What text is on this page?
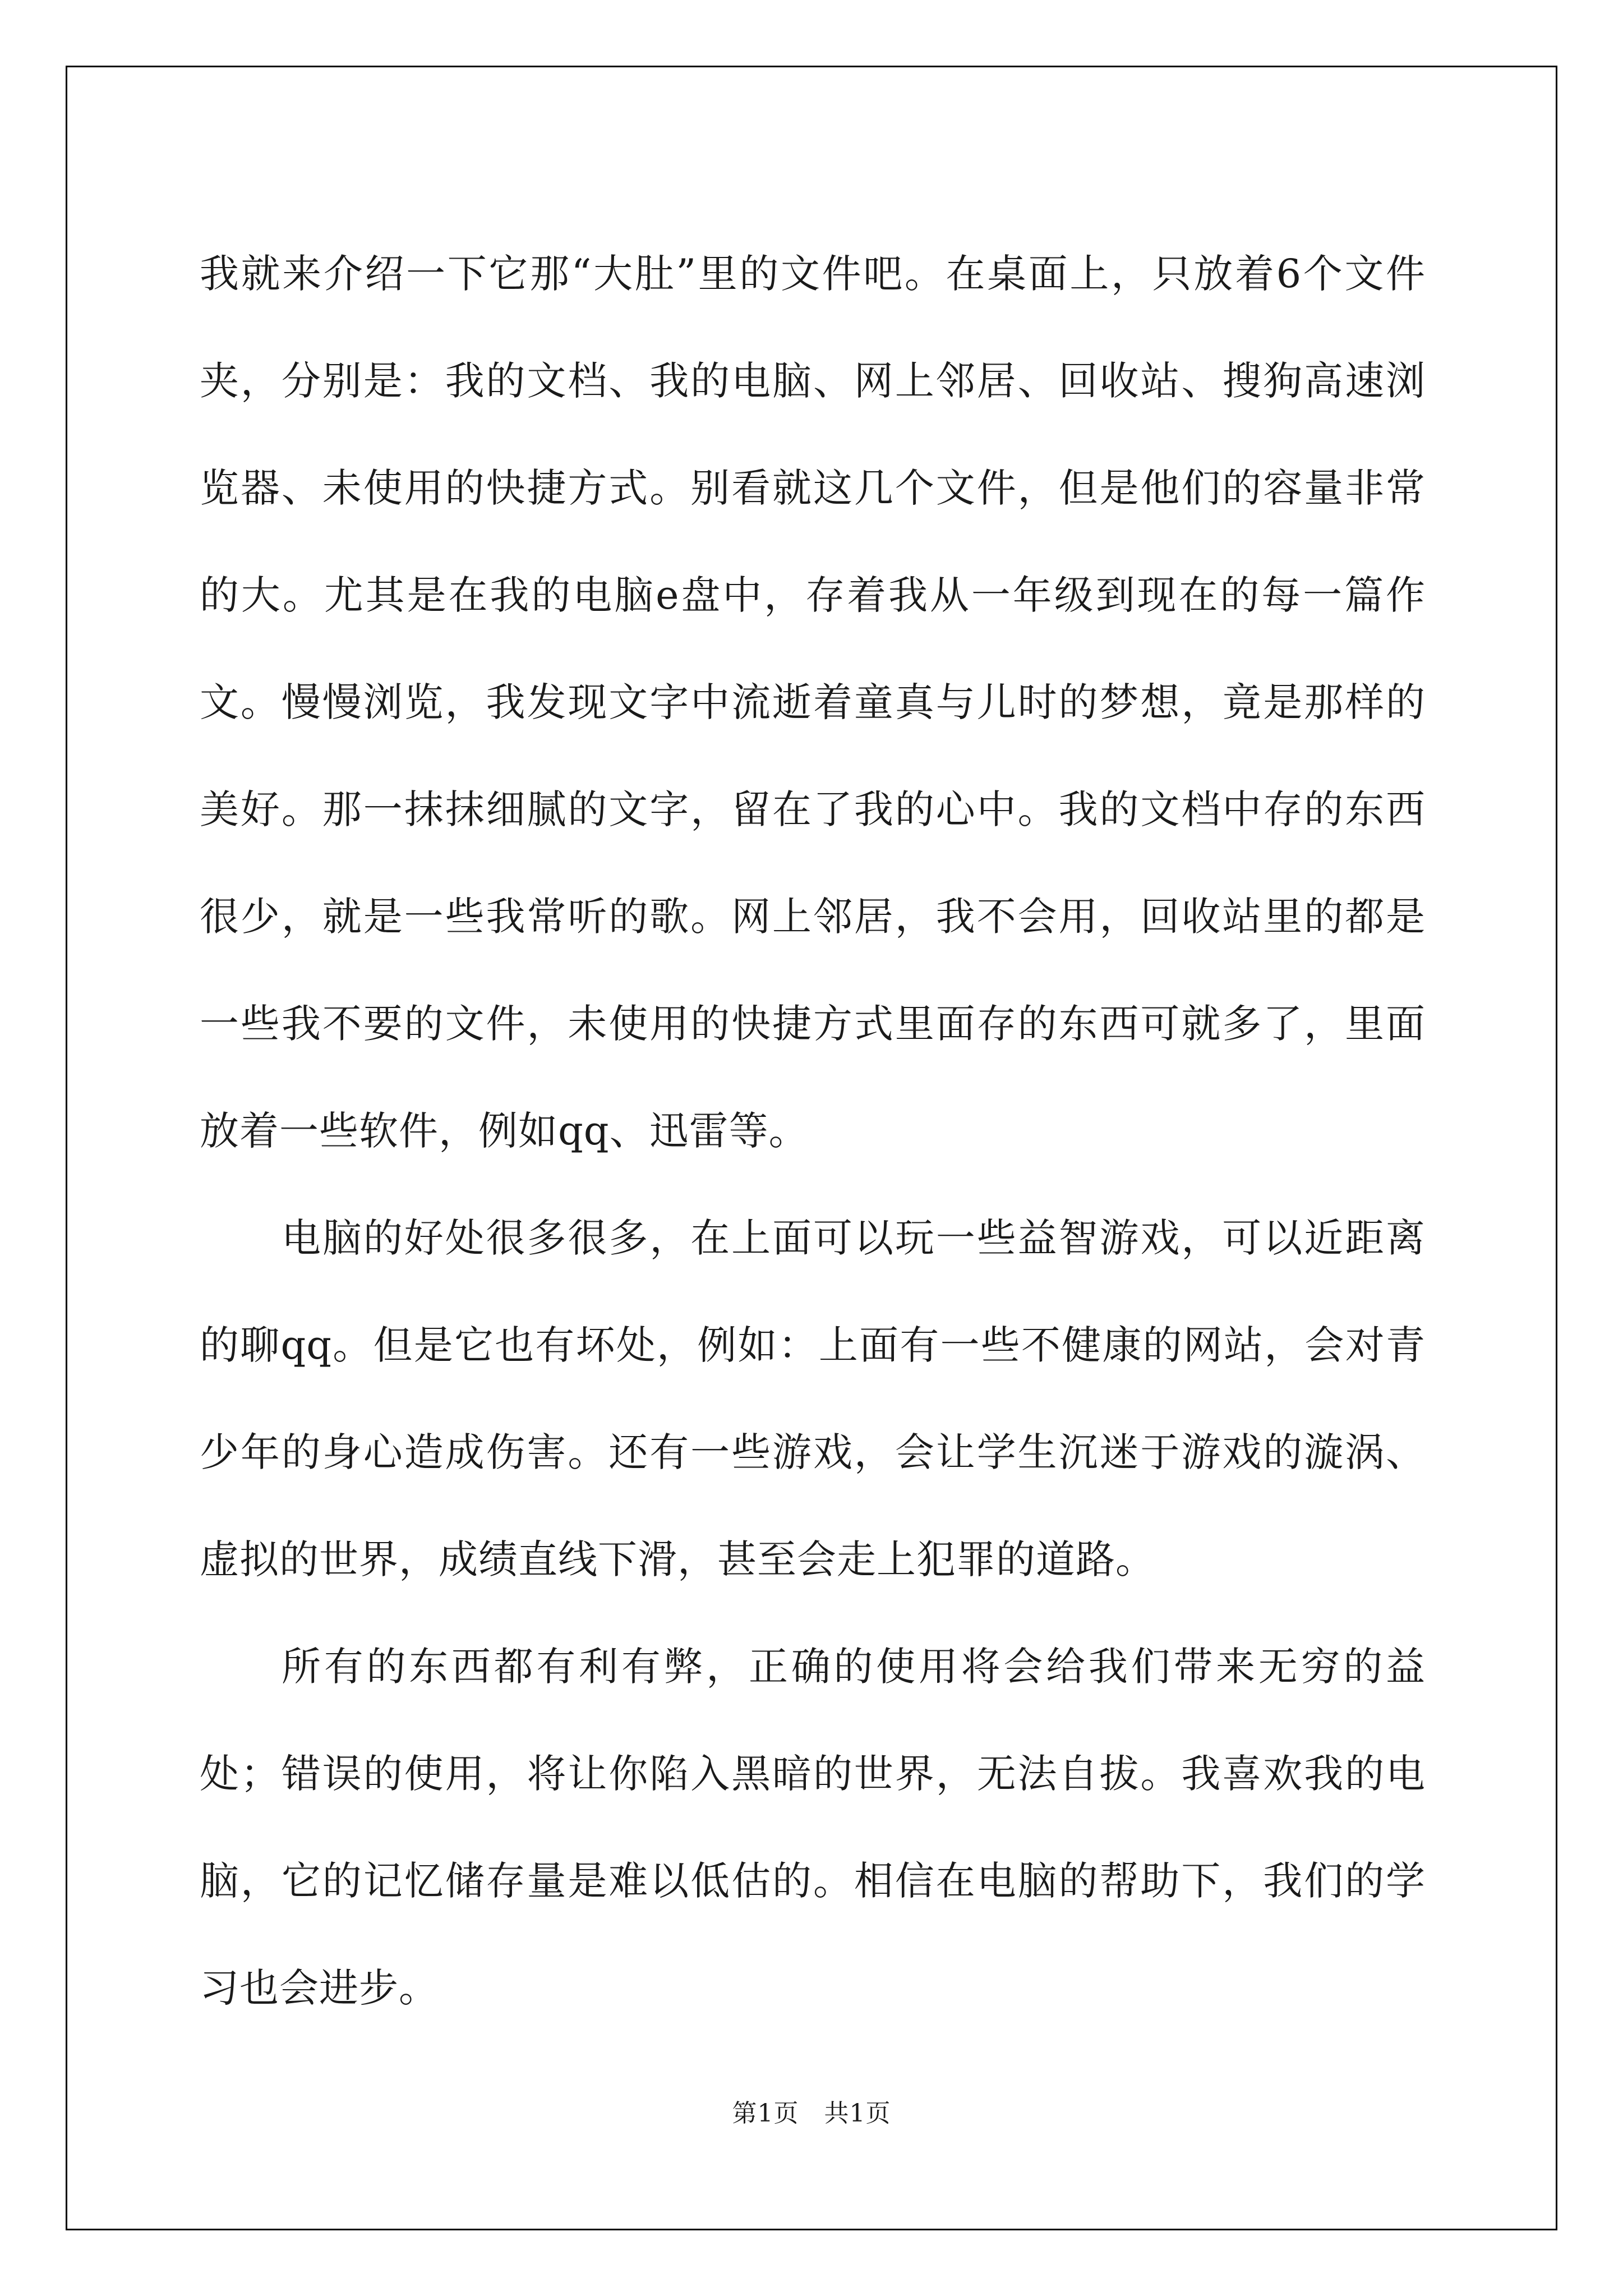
我就来介绍一下它那“大肚”里的文件吧。在桌面上，只放着6个文件夹，分别是：我的文档、我的电脑、网上邻居、回收站、搜狗高速浏览器、未使用的快捷方式。别看就这几个文件，但是他们的容量非常的大。尤其是在我的电脑e盘中，存着我从一年级到现在的每一篇作文。慢慢浏览，我发现文字中流逝着童真与儿时的梦想，竟是那样的美好。那一抹抹细腻的文字，留在了我的心中。我的文档中存的东西很少，就是一些我常听的歌。网上邻居，我不会用，回收站里的都是一些我不要的文件，未使用的快捷方式里面存的东西可就多了，里面放着一些软件，例如qq、迅雷等。

电脑的好处很多很多，在上面可以玩一些益智游戏，可以近距离的聊qq。但是它也有坏处，例如：上面有一些不健康的网站，会对青少年的身心造成伤害。还有一些游戏，会让学生沉迷于游戏的漩涡、虚拟的世界，成绩直线下滑，甚至会走上犯罪的道路。

所有的东西都有利有弊，正确的使用将会给我们带来无穷的益处；错误的使用，将让你陷入黑暗的世界，无法自拔。我喜欢我的电脑，它的记忆储存量是难以低估的。相信在电脑的帮助下，我们的学习也会进步。

第1页　共1页
